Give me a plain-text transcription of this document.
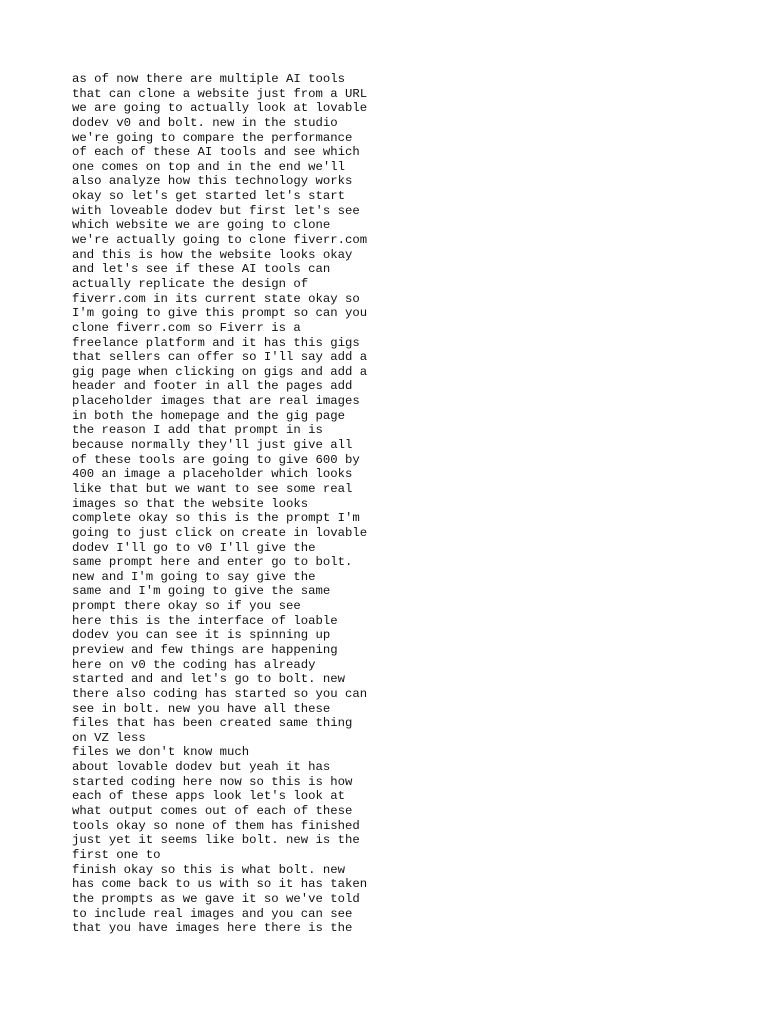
as of now there are multiple AI tools
that can clone a website just from a URL
we are going to actually look at lovable
dodev v0 and bolt. new in the studio
we're going to compare the performance
of each of these AI tools and see which
one comes on top and in the end we'll
also analyze how this technology works
okay so let's get started let's start
with loveable dodev but first let's see
which website we are going to clone
we're actually going to clone fiverr.com
and this is how the website looks okay
and let's see if these AI tools can
actually replicate the design of
fiverr.com in its current state okay so
I'm going to give this prompt so can you
clone fiverr.com so Fiverr is a
freelance platform and it has this gigs
that sellers can offer so I'll say add a
gig page when clicking on gigs and add a
header and footer in all the pages add
placeholder images that are real images
in both the homepage and the gig page
the reason I add that prompt in is
because normally they'll just give all
of these tools are going to give 600 by
400 an image a placeholder which looks
like that but we want to see some real
images so that the website looks
complete okay so this is the prompt I'm
going to just click on create in lovable
dodev I'll go to v0 I'll give the
same prompt here and enter go to bolt.
new and I'm going to say give the
same and I'm going to give the same
prompt there okay so if you see
here this is the interface of loable
dodev you can see it is spinning up
preview and few things are happening
here on v0 the coding has already
started and and let's go to bolt. new
there also coding has started so you can
see in bolt. new you have all these
files that has been created same thing
on VZ less
files we don't know much
about lovable dodev but yeah it has
started coding here now so this is how
each of these apps look let's look at
what output comes out of each of these
tools okay so none of them has finished
just yet it seems like bolt. new is the
first one to
finish okay so this is what bolt. new
has come back to us with so it has taken
the prompts as we gave it so we've told
to include real images and you can see
that you have images here there is the
